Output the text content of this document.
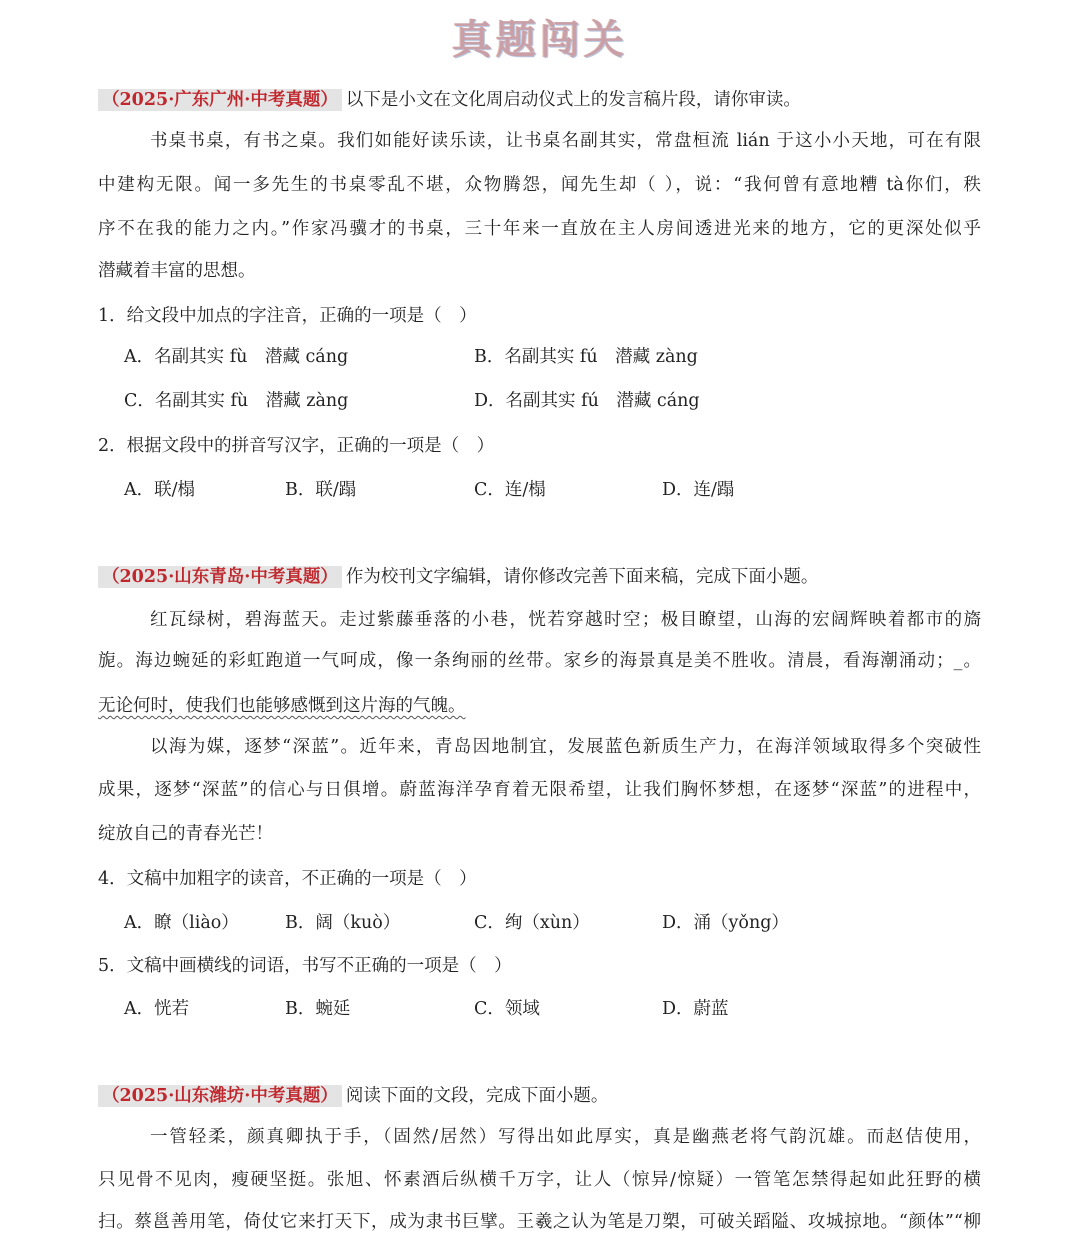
真题闯关
（2025·广东广州·中考真题） 以下是小文在文化周启动仪式上的发言稿片段，请你审读。
书桌书桌，有书之桌。我们如能好读乐读，让书桌名副其实，常盘桓流 lián 于这小小天地，可在有限
中建构无限。闻一多先生的书桌零乱不堪，众物腾怨，闻先生却（ ），说：“我何曾有意地糟 tà你们，秩
序不在我的能力之内。”作家冯骥才的书桌，三十年来一直放在主人房间透进光来的地方，它的更深处似乎
潜藏着丰富的思想。
1．给文段中加点的字注音，正确的一项是（　）
A．名副其实 fù　潜藏 cáng	B．名副其实 fú　潜藏 zàng
C．名副其实 fù　潜藏 zàng	D．名副其实 fú　潜藏 cáng
2．根据文段中的拼音写汉字，正确的一项是（　）
A．联/榻	B．联/蹋	C．连/榻	D．连/蹋
（2025·山东青岛·中考真题） 作为校刊文字编辑，请你修改完善下面来稿，完成下面小题。
红瓦绿树，碧海蓝天。走过紫藤垂落的小巷，恍若穿越时空；极目瞭望，山海的宏阔辉映着都市的旖
旎。海边蜿延的彩虹跑道一气呵成，像一条绚丽的丝带。家乡的海景真是美不胜收。清晨，看海潮涌动；_。
无论何时，使我们也能够感慨到这片海的气魄。
以海为媒，逐梦“深蓝”。近年来，青岛因地制宜，发展蓝色新质生产力，在海洋领域取得多个突破性
成果，逐梦“深蓝”的信心与日俱增。蔚蓝海洋孕育着无限希望，让我们胸怀梦想，在逐梦“深蓝”的进程中，
绽放自己的青春光芒！
4．文稿中加粗字的读音，不正确的一项是（　）
A．瞭（liào）	B．阔（kuò）	C．绚（xùn）	D．涌（yǒng）
5．文稿中画横线的词语，书写不正确的一项是（　）
A．恍若	B．蜿延	C．领域	D．蔚蓝
（2025·山东潍坊·中考真题） 阅读下面的文段，完成下面小题。
一管轻柔，颜真卿执于手，（固然/居然）写得出如此厚实，真是幽燕老将气韵沉雄。而赵佶使用，
只见骨不见肉，瘦硬坚挺。张旭、怀素酒后纵横千万字，让人（惊异/惊疑）一管笔怎禁得起如此狂野的横
扫。蔡邕善用笔，倚仗它来打天下，成为隶书巨擘。王羲之认为笔是刀槊，可破关蹈隘、攻城掠地。“颜体”“柳
